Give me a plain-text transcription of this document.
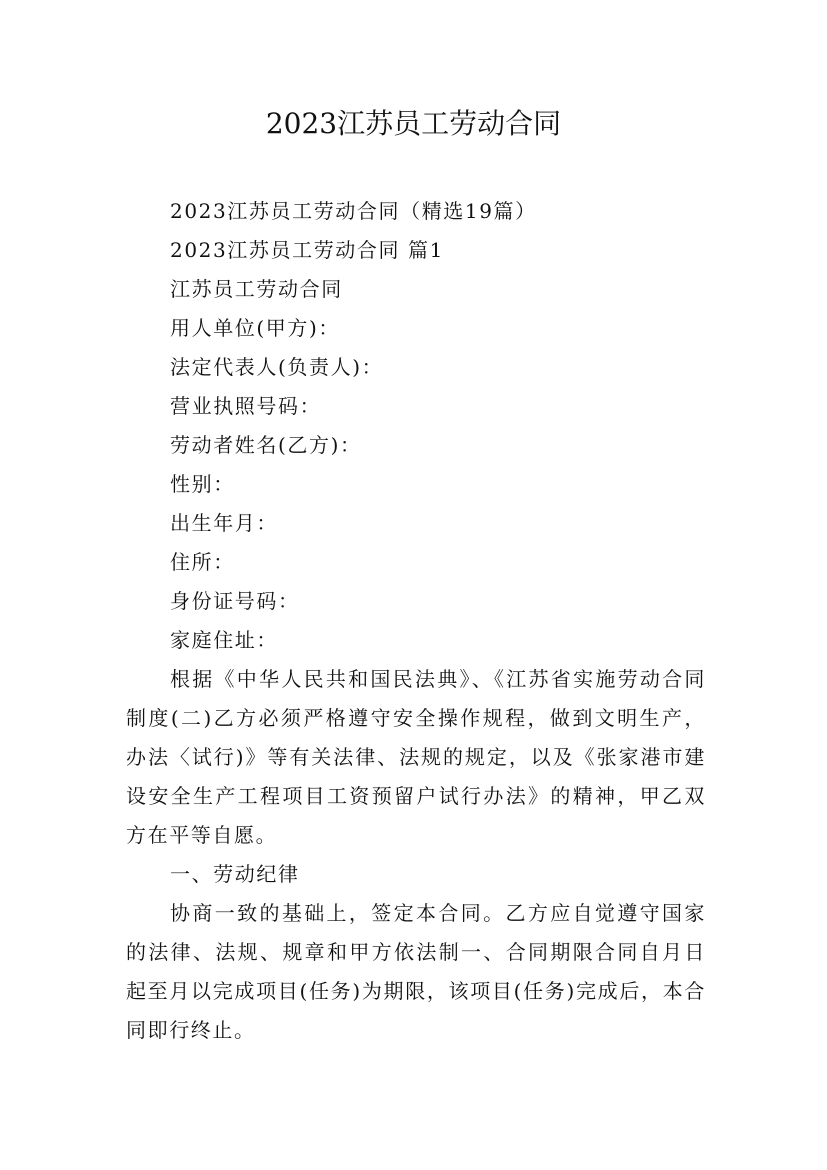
2023江苏员工劳动合同

2023江苏员工劳动合同（精选19篇）

2023江苏员工劳动合同 篇1

江苏员工劳动合同

用人单位(甲方)：

法定代表人(负责人)：

营业执照号码：

劳动者姓名(乙方)：

性别：

出生年月：

住所：

身份证号码：

家庭住址：

根据《中华人民共和国民法典》、《江苏省实施劳动合同制度(二)乙方必须严格遵守安全操作规程，做到文明生产，办法〈试行)》等有关法律、法规的规定，以及《张家港市建设安全生产工程项目工资预留户试行办法》的精神，甲乙双方在平等自愿。

一、劳动纪律

协商一致的基础上，签定本合同。乙方应自觉遵守国家的法律、法规、规章和甲方依法制一、合同期限合同自月日起至月以完成项目(任务)为期限，该项目(任务)完成后，本合同即行终止。
